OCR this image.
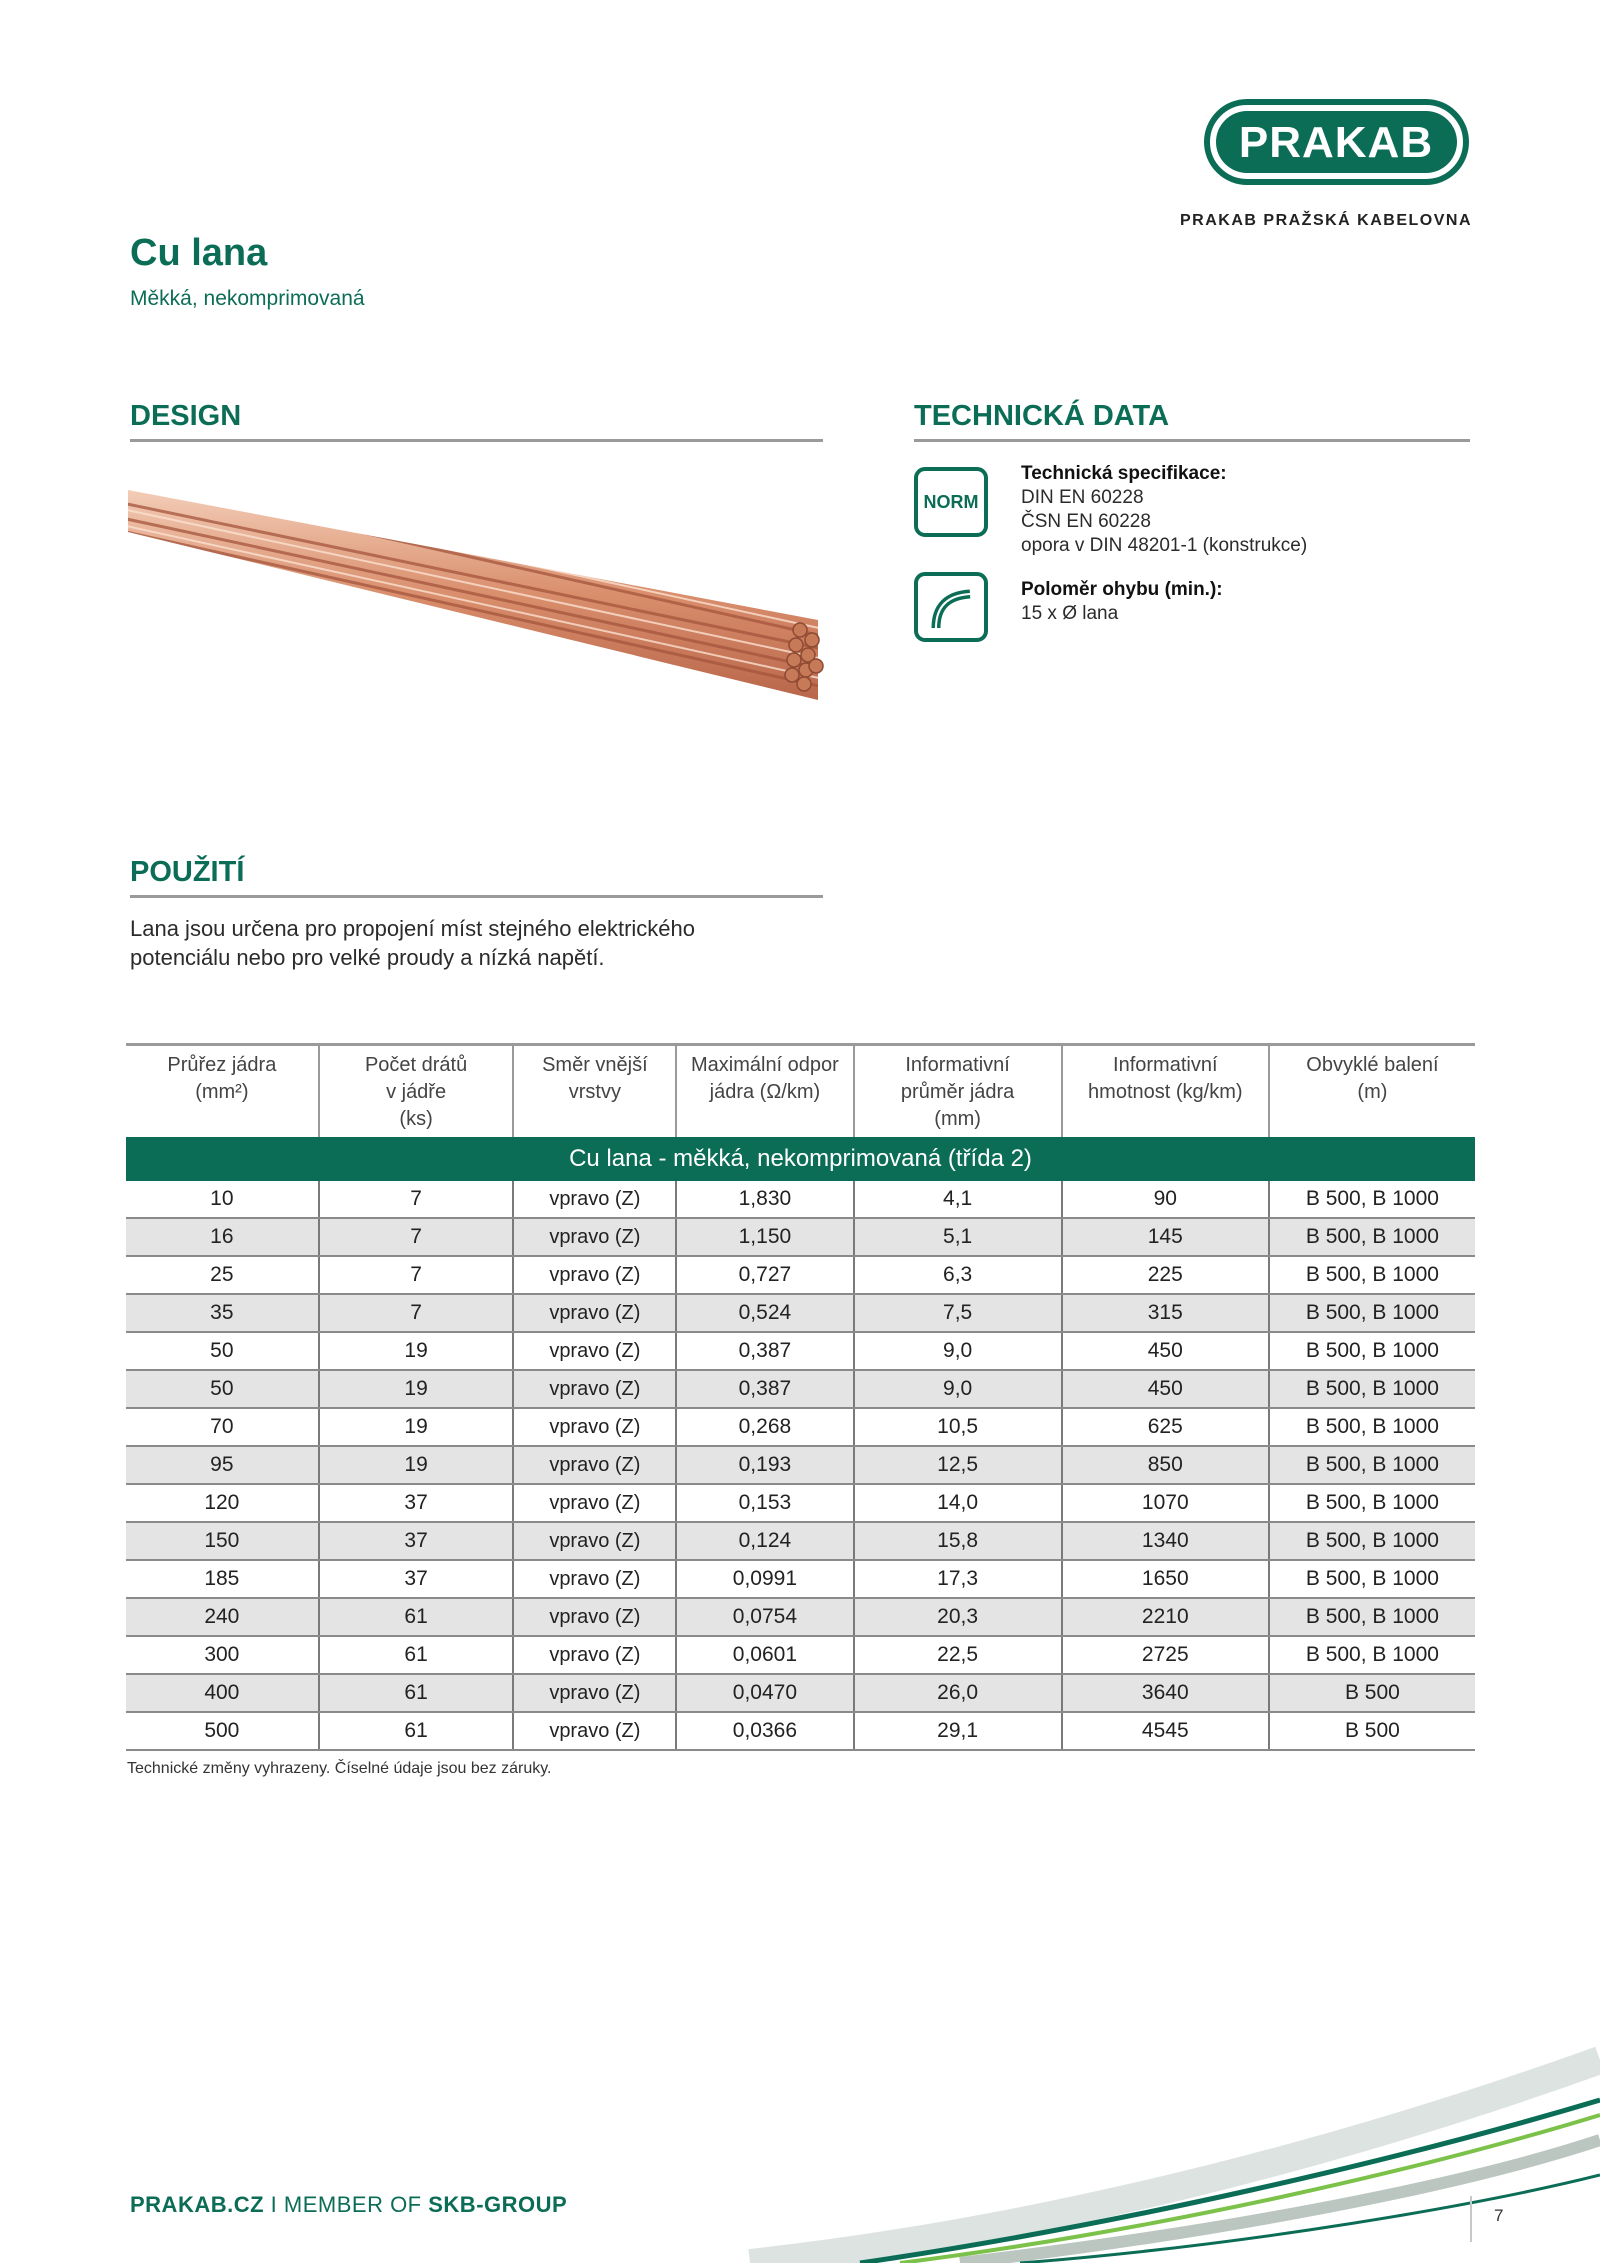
PRAKAB
PRAKAB PRAŽSKÁ KABELOVNA
Cu lana
Měkká, nekomprimovaná
DESIGN	TECHNICKÁ DATA
NORM
Technická specifikace:
DIN EN 60228
ČSN EN 60228
opora v DIN 48201-1 (konstrukce)
Poloměr ohybu (min.):
15 x Ø lana
POUŽITÍ
Lana jsou určena pro propojení míst stejného elektrického
potenciálu nebo pro velké proudy a nízká napětí.
Průřez jádra
(mm²)	Počet drátů
v jádře
(ks)	Směr vnější
vrstvy	Maximální odpor
jádra (Ω/km)	Informativní
průměr jádra
(mm)	Informativní
hmotnost (kg/km)	Obvyklé balení
(m)

Cu lana - měkká, nekomprimovaná (třída 2)						
10	7	vpravo (Z)	1,830	4,1	90	B 500, B 1000
16	7	vpravo (Z)	1,150	5,1	145	B 500, B 1000
25	7	vpravo (Z)	0,727	6,3	225	B 500, B 1000
35	7	vpravo (Z)	0,524	7,5	315	B 500, B 1000
50	19	vpravo (Z)	0,387	9,0	450	B 500, B 1000
50	19	vpravo (Z)	0,387	9,0	450	B 500, B 1000
70	19	vpravo (Z)	0,268	10,5	625	B 500, B 1000
95	19	vpravo (Z)	0,193	12,5	850	B 500, B 1000
120	37	vpravo (Z)	0,153	14,0	1070	B 500, B 1000
150	37	vpravo (Z)	0,124	15,8	1340	B 500, B 1000
185	37	vpravo (Z)	0,0991	17,3	1650	B 500, B 1000
240	61	vpravo (Z)	0,0754	20,3	2210	B 500, B 1000
300	61	vpravo (Z)	0,0601	22,5	2725	B 500, B 1000
400	61	vpravo (Z)	0,0470	26,0	3640	B 500
500	61	vpravo (Z)	0,0366	29,1	4545	B 500
Technické změny vyhrazeny. Číselné údaje jsou bez záruky.
PRAKAB.CZ I MEMBER OF SKB-GROUP	7
